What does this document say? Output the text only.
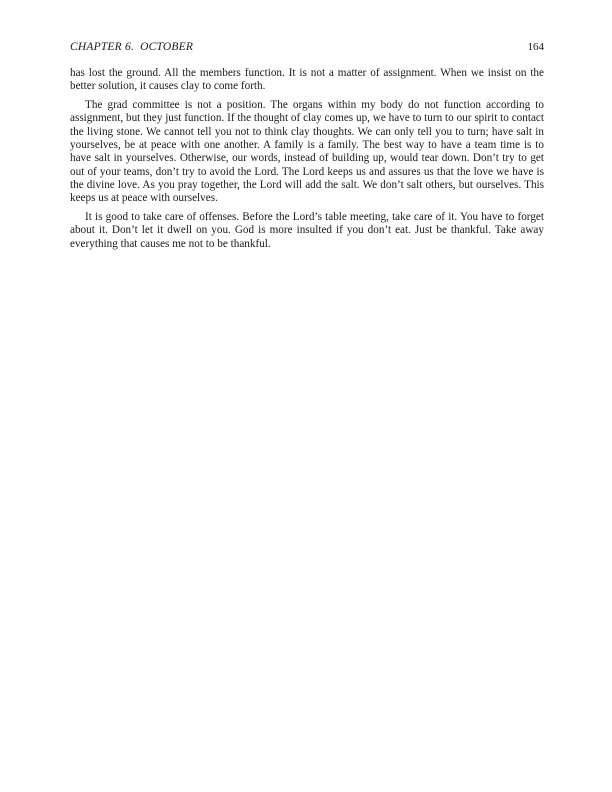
CHAPTER 6.  OCTOBER	164

has lost the ground. All the members function. It is not a matter of assignment. When we insist on the better solution, it causes clay to come forth.

The grad committee is not a position. The organs within my body do not function according to assignment, but they just function. If the thought of clay comes up, we have to turn to our spirit to contact the living stone. We cannot tell you not to think clay thoughts. We can only tell you to turn; have salt in yourselves, be at peace with one another. A family is a family. The best way to have a team time is to have salt in yourselves. Otherwise, our words, instead of building up, would tear down. Don’t try to get out of your teams, don’t try to avoid the Lord. The Lord keeps us and assures us that the love we have is the divine love. As you pray together, the Lord will add the salt. We don’t salt others, but ourselves. This keeps us at peace with ourselves.

It is good to take care of offenses. Before the Lord’s table meeting, take care of it. You have to forget about it. Don’t let it dwell on you. God is more insulted if you don’t eat. Just be thankful. Take away everything that causes me not to be thankful.
